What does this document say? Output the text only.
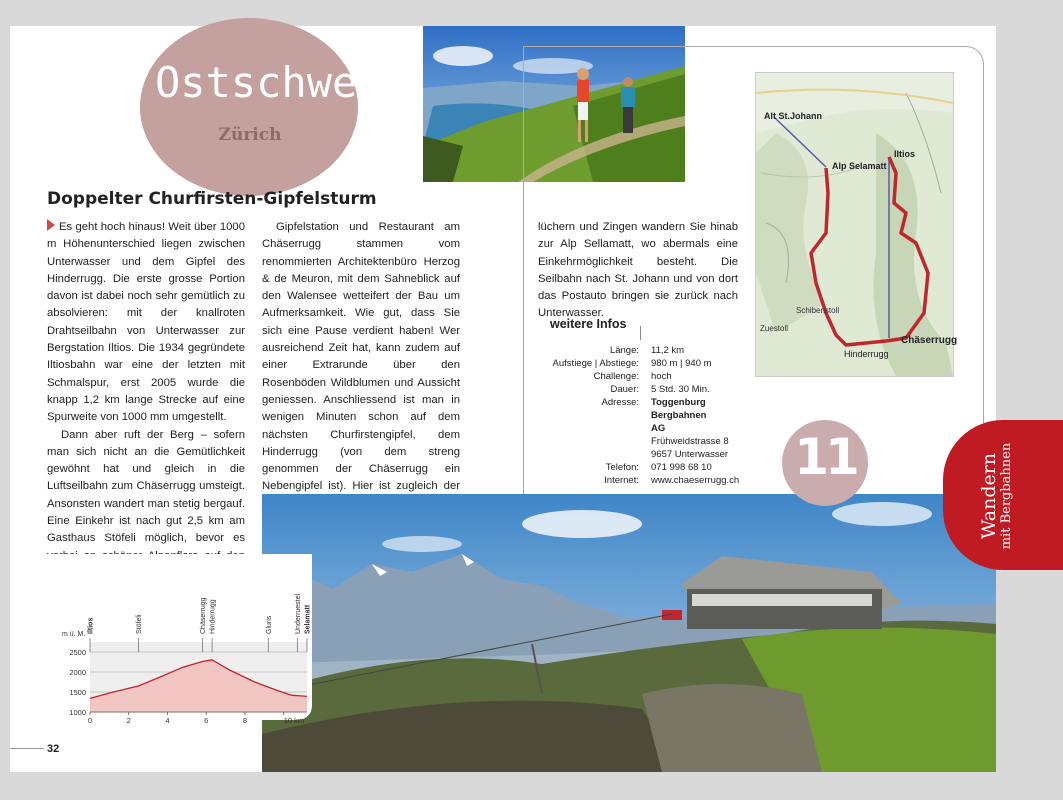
Ostschweiz
Zürich
Doppelter Churfirsten-Gipfelsturm

Es geht hoch hinaus! Weit über 1000 m Höhenunterschied liegen zwischen Unterwasser und dem Gipfel des Hinderrugg. Die erste grosse Portion davon ist dabei noch sehr gemütlich zu absolvieren: mit der knallroten Drahtseilbahn von Unterwasser zur Bergstation Iltios. Die 1934 gegründete Iltiosbahn war eine der letzten mit Schmalspur, erst 2005 wurde die knapp 1,2 km lange Strecke auf eine Spurweite von 1000 mm umgestellt.

Dann aber ruft der Berg – sofern man sich nicht an die Gemütlichkeit gewöhnt hat und gleich in die Luftseilbahn zum Chäserrugg umsteigt. Ansonsten wandert man stetig bergauf. Eine Einkehr ist nach gut 2,5 km am Gasthaus Stöfeli möglich, bevor es

Gipfelstation und Restaurant am Chäserrugg stammen vom renommierten Architektenbüro Herzog & de Meuron, mit dem Sahneblick auf den Walensee wetteifert der Bau um Aufmerksamkeit. Wie gut, dass Sie sich eine Pause verdient haben! Wer ausreichend Zeit hat, kann zudem auf einer Extrarunde über den Rosenböden Wildblumen und Aussicht geniessen. Anschliessend ist man in wenigen Minuten schon auf dem nächsten Churfirstengipfel, dem Hinderrugg (von dem streng genommen der Chäserrugg ein Nebengipfel ist). Hier ist zugleich der

lüchern und Zingen wandern Sie hinab zur Alp Sellamatt, wo abermals eine Einkehrmöglichkeit besteht. Die Seilbahn nach St. Johann und von dort das Postauto bringen sie zurück nach Unterwasser.

Alt St.Johann
Alp Selamatt
Iltios
Chäserrugg
Hinderrugg
Zuestoll
Schibenstoll
weitere Infos
Länge:	11,2 km
Aufstiege | Abstiege:	980 m | 940 m
Challenge:	hoch
Dauer:	5 Std. 30 Min.
Adresse:	Toggenburg Bergbahnen AG
Frühweidstrasse 8
9657 Unterwasser

Telefon:	071 998 68 10
Internet:	www.chaeserrugg.ch
1000
1500
2000
2500
m ü. M.
0	2	4	6	8	10 km
Iltios	Stöfeli	Chäserrugg Hinderrugg	Gluris	Underruestel Selamatt
11	Wandern
mit Bergbahnen
32
